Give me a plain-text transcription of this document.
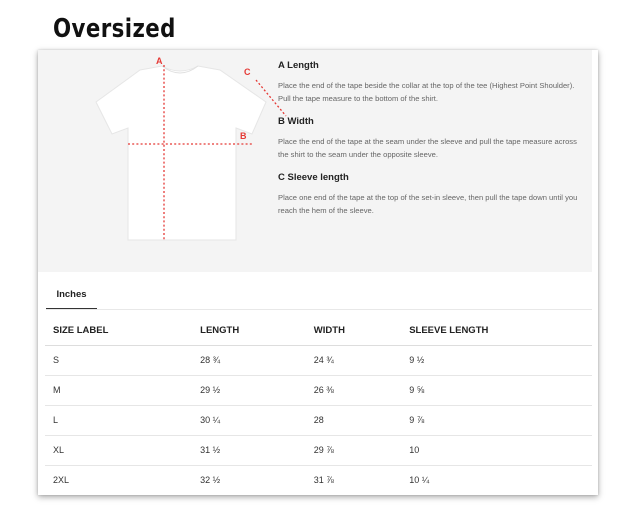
Oversized
A
B
C
A Length
Place the end of the tape beside the collar at the top of the tee (Highest Point Shoulder). Pull the tape measure to the bottom of the shirt.
B Width
Place the end of the tape at the seam under the sleeve and pull the tape measure across the shirt to the seam under the opposite sleeve.
C Sleeve length
Place one end of the tape at the top of the set-in sleeve, then pull the tape down until you reach the hem of the sleeve.
Inches
SIZE LABEL	LENGTH	WIDTH	SLEEVE LENGTH
S	28 ¾	24 ¾	9 ½
M	29 ½	26 ⅜	9 ⅝
L	30 ¼	28	9 ⅞
XL	31 ½	29 ⅞	10
2XL	32 ½	31 ⅞	10 ¼
